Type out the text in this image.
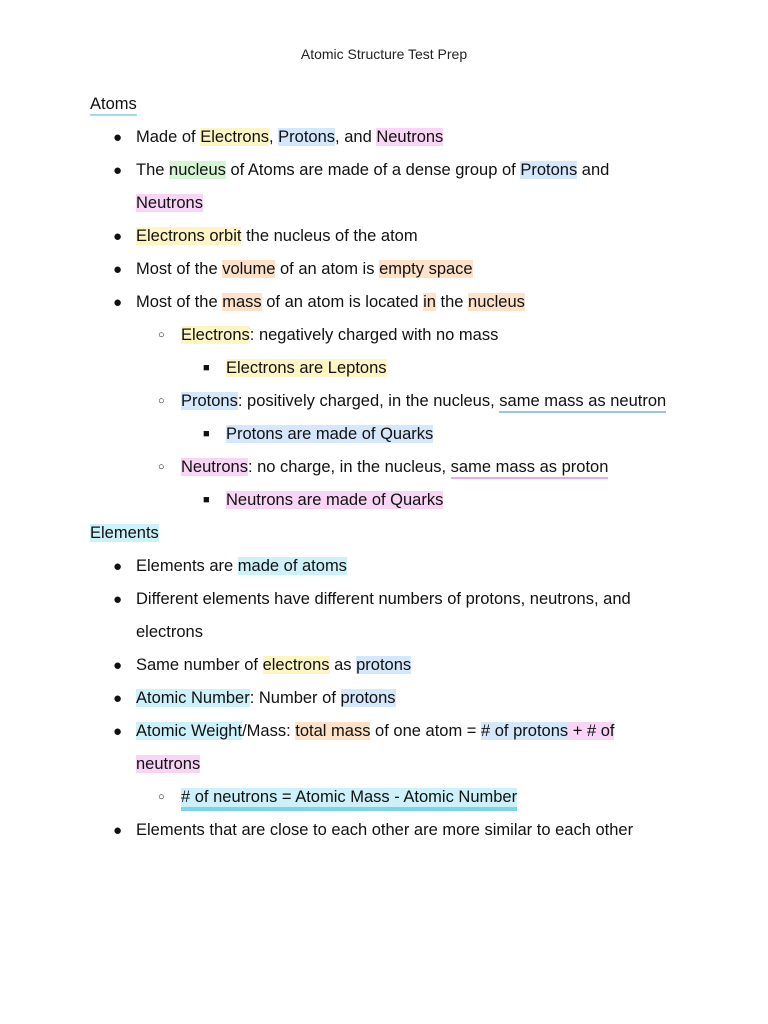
Atomic Structure Test Prep
Atoms
● Made of Electrons, Protons, and Neutrons
● The nucleus of Atoms are made of a dense group of Protons and
Neutrons
● Electrons orbit the nucleus of the atom
● Most of the volume of an atom is empty space
● Most of the mass of an atom is located in the nucleus
○ Electrons: negatively charged with no mass
■ Electrons are Leptons
○ Protons: positively charged, in the nucleus, same mass as neutron
■ Protons are made of Quarks
○ Neutrons: no charge, in the nucleus, same mass as proton
■ Neutrons are made of Quarks
Elements
● Elements are made of atoms
● Different elements have different numbers of protons, neutrons, and
electrons
● Same number of electrons as protons
● Atomic Number: Number of protons
● Atomic Weight/Mass: total mass of one atom = # of protons + # of
neutrons
○ # of neutrons = Atomic Mass - Atomic Number
● Elements that are close to each other are more similar to each other
